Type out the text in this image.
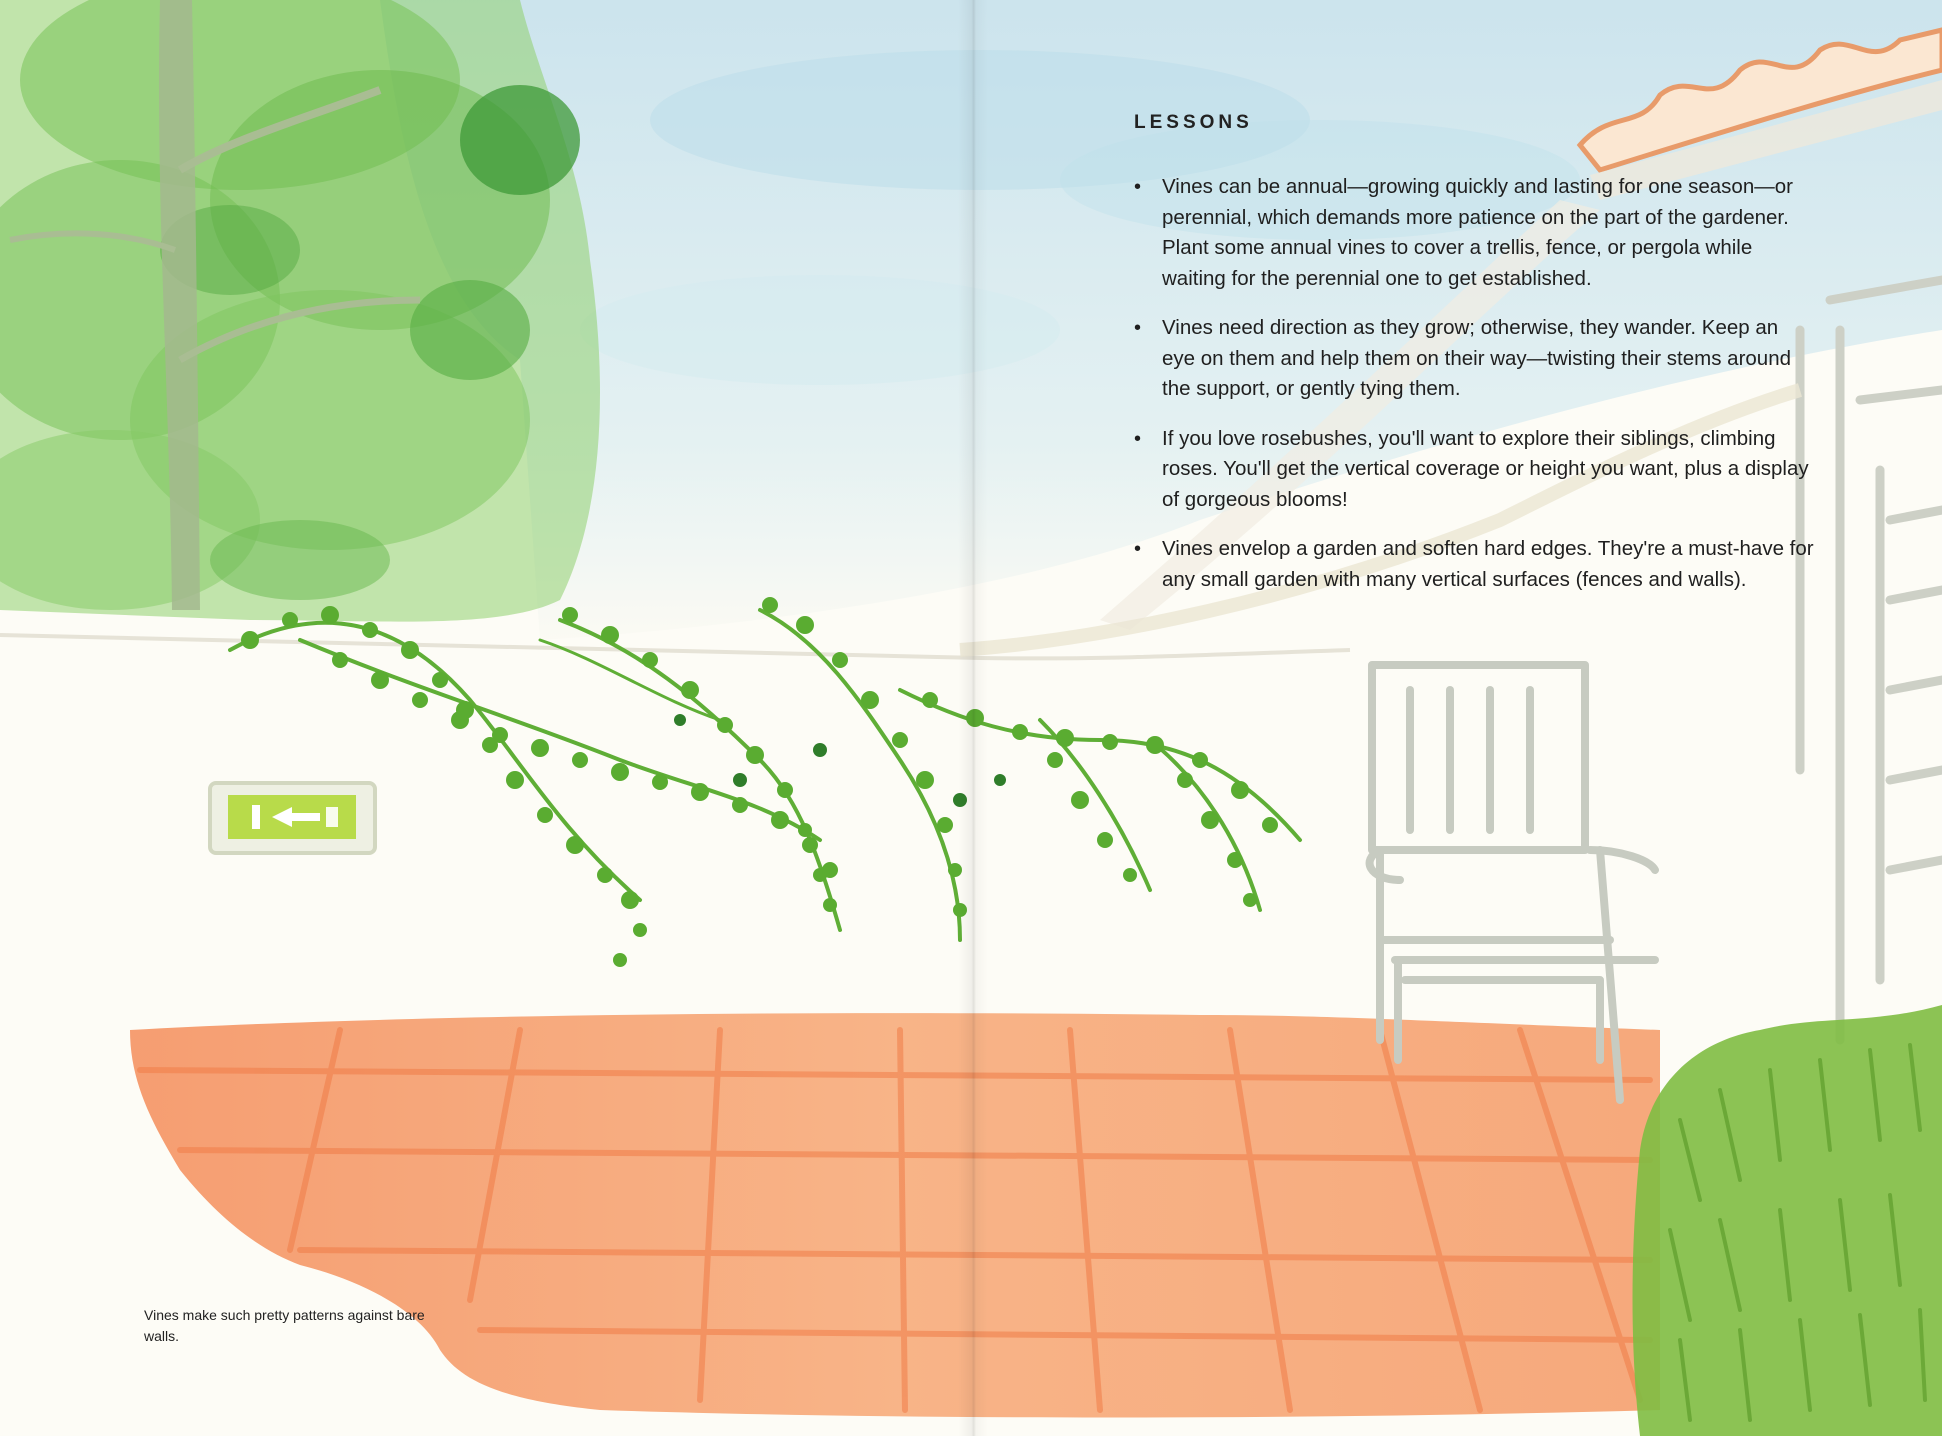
LESSONS
• Vines can be annual—growing quickly and lasting for one season—or perennial, which demands more patience on the part of the gardener. Plant some annual vines to cover a trellis, fence, or pergola while waiting for the perennial one to get established.
• Vines need direction as they grow; otherwise, they wander. Keep an eye on them and help them on their way—twisting their stems around the support, or gently tying them.
• If you love rosebushes, you'll want to explore their siblings, climbing roses. You'll get the vertical coverage or height you want, plus a display of gorgeous blooms!
• Vines envelop a garden and soften hard edges. They're a must-have for any small garden with many vertical surfaces (fences and walls).

Vines make such pretty patterns against bare walls.
